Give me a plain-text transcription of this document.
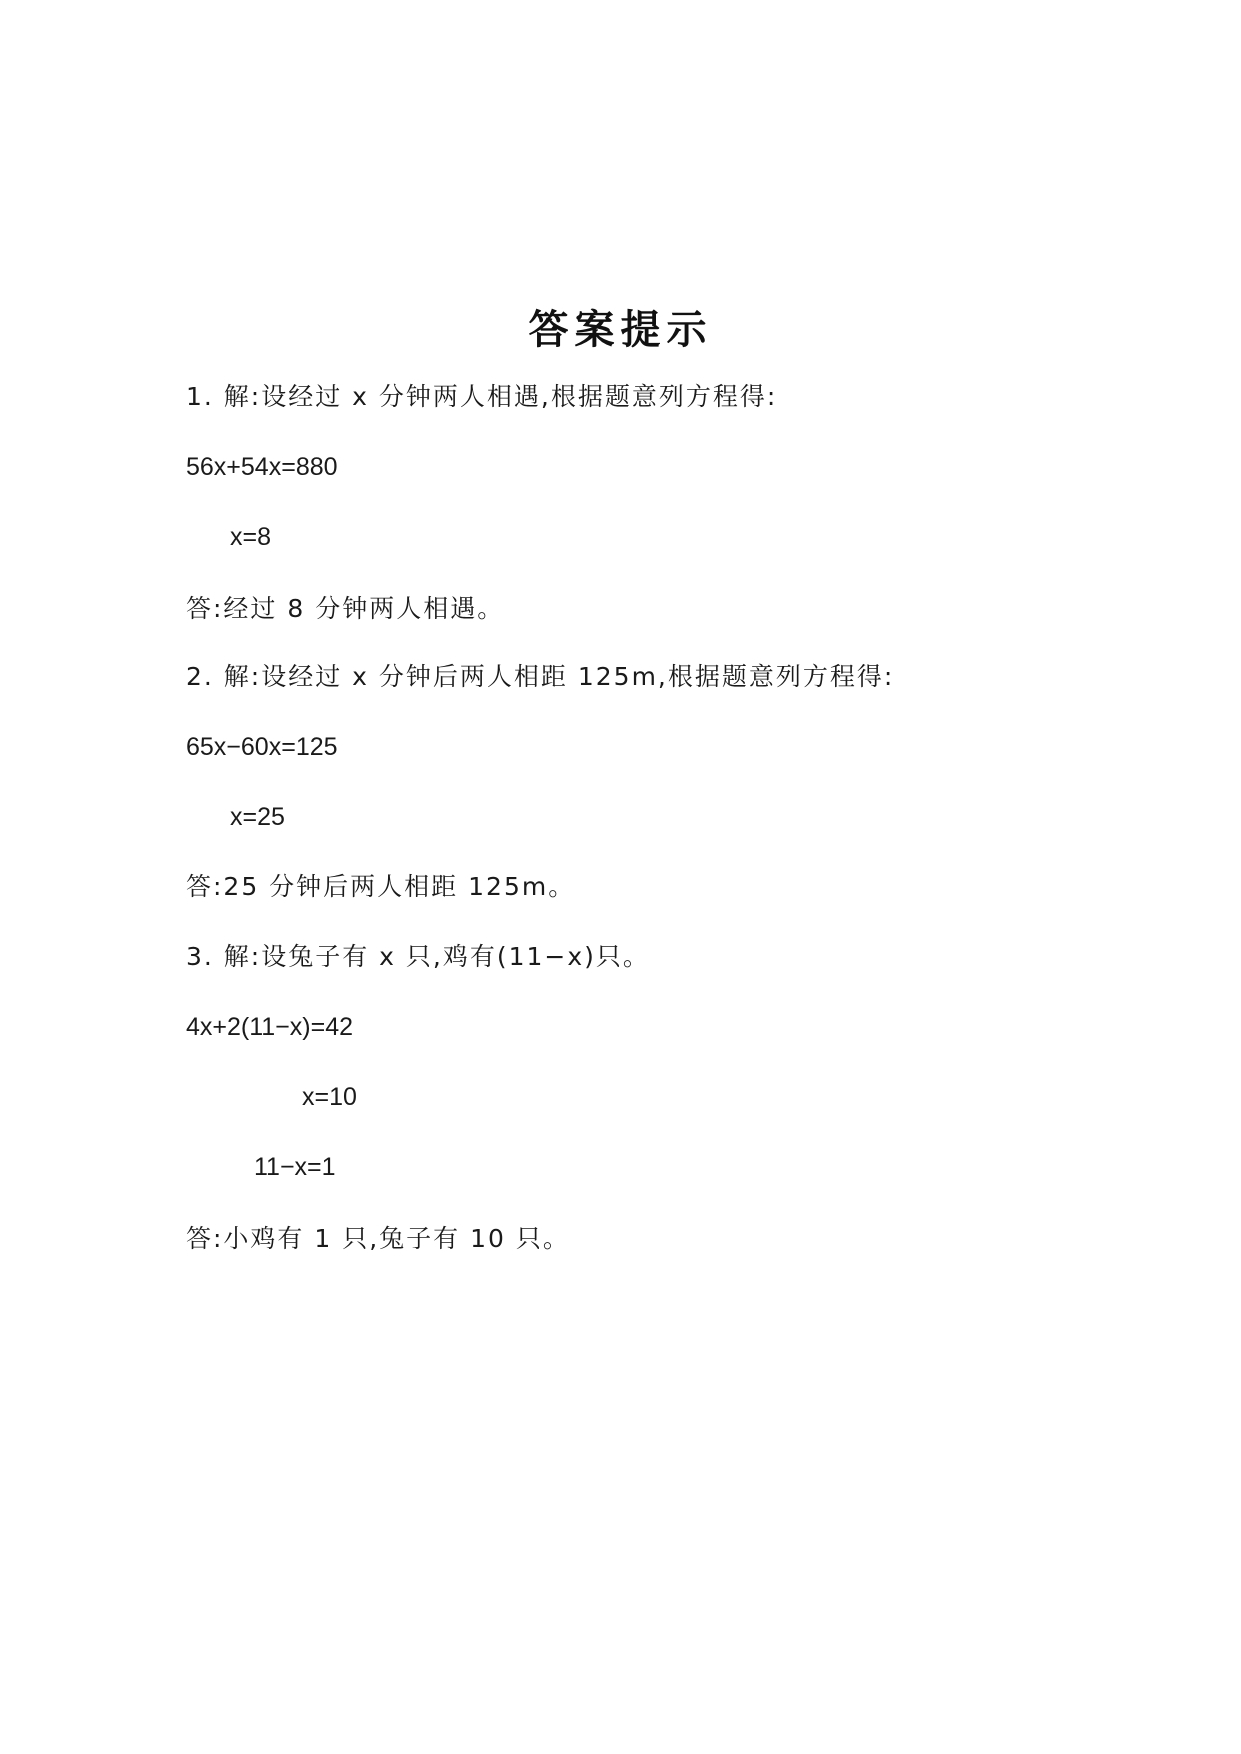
答案提示
1. 解:设经过 x 分钟两人相遇,根据题意列方程得:
56x+54x=880
x=8
答:经过 8 分钟两人相遇。
2. 解:设经过 x 分钟后两人相距 125m,根据题意列方程得:
65x−60x=125
x=25
答:25 分钟后两人相距 125m。
3. 解:设兔子有 x 只,鸡有(11−x)只。
4x+2(11−x)=42
x=10
11−x=1
答:小鸡有 1 只,兔子有 10 只。
